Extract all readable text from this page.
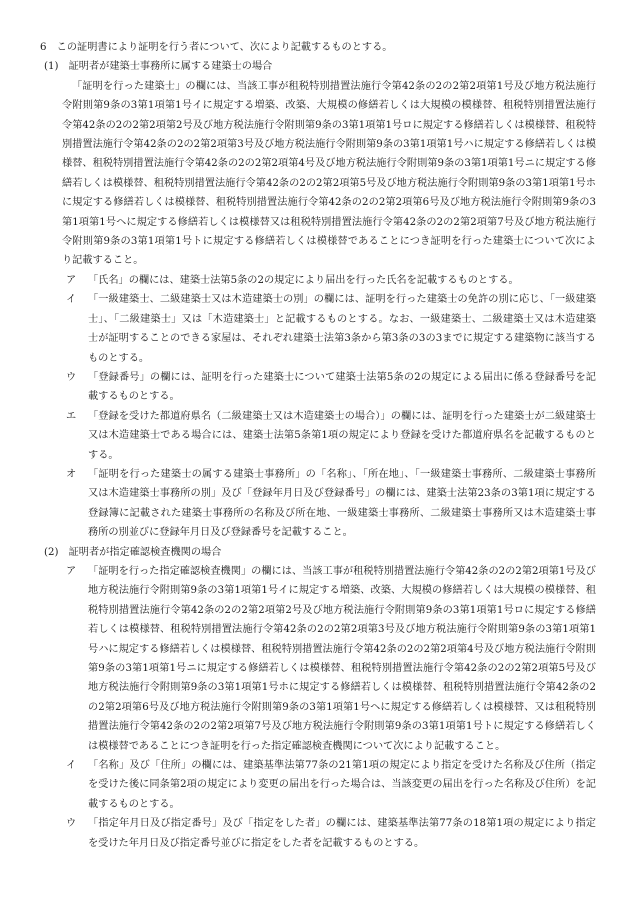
6　この証明書により証明を行う者について、次により記載するものとする。

(1)　証明者が建築士事務所に属する建築士の場合

「証明を行った建築士」の欄には、当該工事が租税特別措置法施行令第42条の2の2第2項第1号及び地方税法施行令附則第9条の3第1項第1号イに規定する増築、改築、大規模の修繕若しくは大規模の模様替、租税特別措置法施行令第42条の2の2第2項第2号及び地方税法施行令附則第9条の3第1項第1号ロに規定する修繕若しくは模様替、租税特別措置法施行令第42条の2の2第2項第3号及び地方税法施行令附則第9条の3第1項第1号ハに規定する修繕若しくは模様替、租税特別措置法施行令第42条の2の2第2項第4号及び地方税法施行令附則第9条の3第1項第1号ニに規定する修繕若しくは模様替、租税特別措置法施行令第42条の2の2第2項第5号及び地方税法施行令附則第9条の3第1項第1号ホに規定する修繕若しくは模様替、租税特別措置法施行令第42条の2の2第2項第6号及び地方税法施行令附則第9条の3第1項第1号ヘに規定する修繕若しくは模様替又は租税特別措置法施行令第42条の2の2第2項第7号及び地方税法施行令附則第9条の3第1項第1号トに規定する修繕若しくは模様替であることにつき証明を行った建築士について次により記載すること。

ア	「氏名」の欄には、建築士法第5条の2の規定により届出を行った氏名を記載するものとする。
イ	「一級建築士、二級建築士又は木造建築士の別」の欄には、証明を行った建築士の免許の別に応じ、「一級建築士」、「二級建築士」又は「木造建築士」と記載するものとする。なお、一級建築士、二級建築士又は木造建築士が証明することのできる家屋は、それぞれ建築士法第3条から第3条の3の3までに規定する建築物に該当するものとする。
ウ	「登録番号」の欄には、証明を行った建築士について建築士法第5条の2の規定による届出に係る登録番号を記載するものとする。
エ	「登録を受けた都道府県名（二級建築士又は木造建築士の場合）」の欄には、証明を行った建築士が二級建築士又は木造建築士である場合には、建築士法第5条第1項の規定により登録を受けた都道府県名を記載するものとする。
オ	「証明を行った建築士の属する建築士事務所」の「名称」、「所在地」、「一級建築士事務所、二級建築士事務所又は木造建築士事務所の別」及び「登録年月日及び登録番号」の欄には、建築士法第23条の3第1項に規定する登録簿に記載された建築士事務所の名称及び所在地、一級建築士事務所、二級建築士事務所又は木造建築士事務所の別並びに登録年月日及び登録番号を記載すること。

(2)　証明者が指定確認検査機関の場合

ア	「証明を行った指定確認検査機関」の欄には、当該工事が租税特別措置法施行令第42条の2の2第2項第1号及び地方税法施行令附則第9条の3第1項第1号イに規定する増築、改築、大規模の修繕若しくは大規模の模様替、租税特別措置法施行令第42条の2の2第2項第2号及び地方税法施行令附則第9条の3第1項第1号ロに規定する修繕若しくは模様替、租税特別措置法施行令第42条の2の2第2項第3号及び地方税法施行令附則第9条の3第1項第1号ハに規定する修繕若しくは模様替、租税特別措置法施行令第42条の2の2第2項第4号及び地方税法施行令附則第9条の3第1項第1号ニに規定する修繕若しくは模様替、租税特別措置法施行令第42条の2の2第2項第5号及び地方税法施行令附則第9条の3第1項第1号ホに規定する修繕若しくは模様替、租税特別措置法施行令第42条の2の2第2項第6号及び地方税法施行令附則第9条の3第1項第1号ヘに規定する修繕若しくは模様替、又は租税特別措置法施行令第42条の2の2第2項第7号及び地方税法施行令附則第9条の3第1項第1号トに規定する修繕若しくは模様替であることにつき証明を行った指定確認検査機関について次により記載すること。
イ	「名称」及び「住所」の欄には、建築基準法第77条の21第1項の規定により指定を受けた名称及び住所（指定を受けた後に同条第2項の規定により変更の届出を行った場合は、当該変更の届出を行った名称及び住所）を記載するものとする。
ウ	「指定年月日及び指定番号」及び「指定をした者」の欄には、建築基準法第77条の18第1項の規定により指定を受けた年月日及び指定番号並びに指定をした者を記載するものとする。
